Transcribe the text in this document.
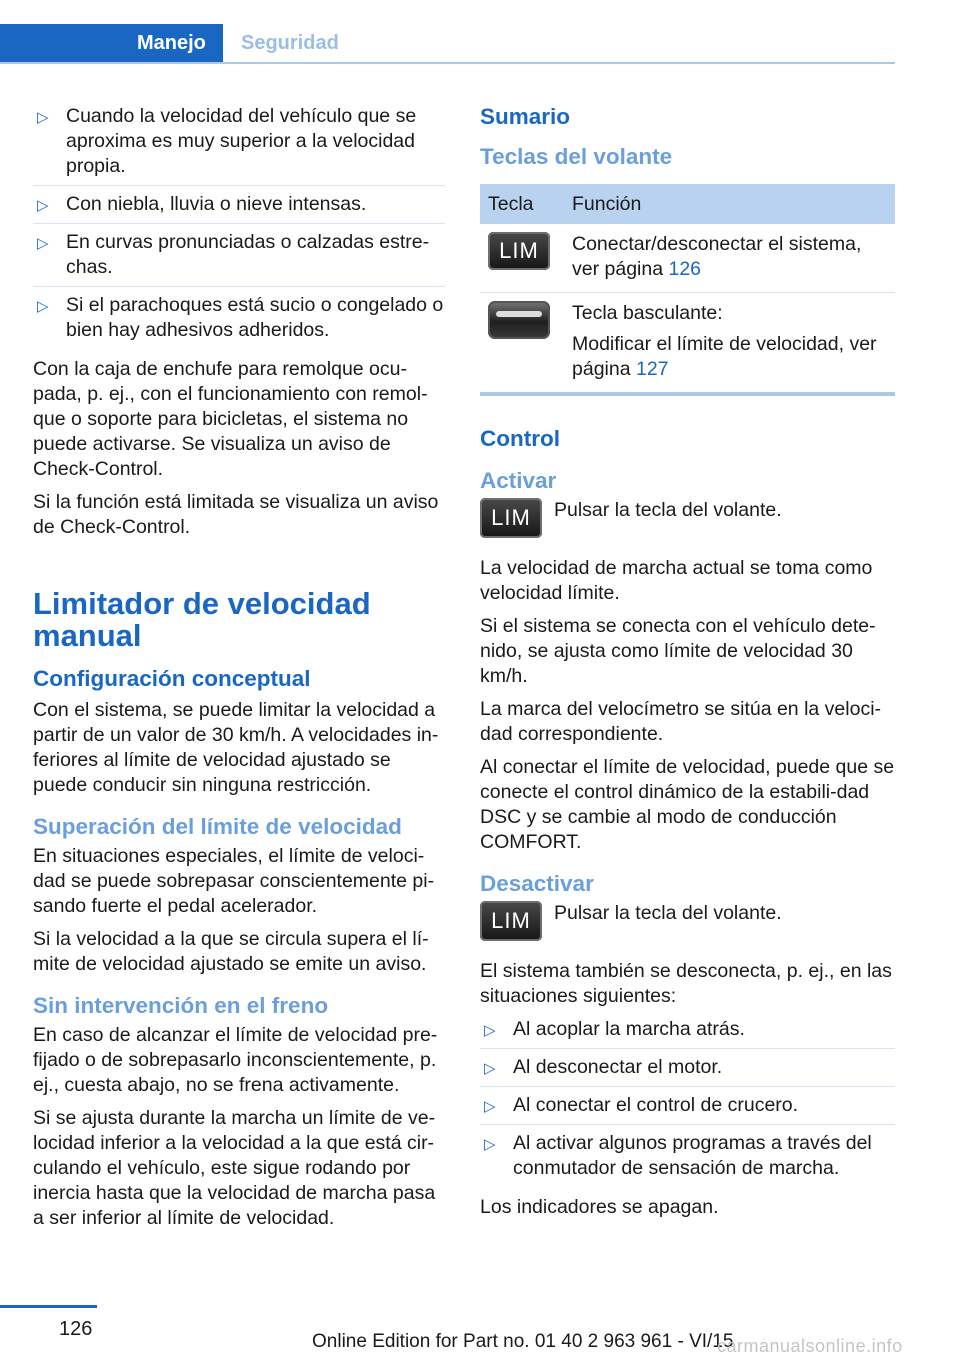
Manejo	Seguridad
▷ Cuando la velocidad del vehículo que se aproxima es muy superior a la velocidad propia.
▷ Con niebla, lluvia o nieve intensas.
▷ En curvas pronunciadas o calzadas estre‐chas.
▷ Si el parachoques está sucio o congelado o bien hay adhesivos adheridos.

Con la caja de enchufe para remolque ocu‐pada, p. ej., con el funcionamiento con remol‐que o soporte para bicicletas, el sistema no puede activarse. Se visualiza un aviso de Check-Control.

Si la función está limitada se visualiza un aviso de Check-Control.

Limitador de velocidad manual
Configuración conceptual

Con el sistema, se puede limitar la velocidad a partir de un valor de 30 km/h. A velocidades in‐feriores al límite de velocidad ajustado se puede conducir sin ninguna restricción.

Superación del límite de velocidad

En situaciones especiales, el límite de veloci‐dad se puede sobrepasar conscientemente pi‐sando fuerte el pedal acelerador.

Si la velocidad a la que se circula supera el lí‐mite de velocidad ajustado se emite un aviso.

Sin intervención en el freno

En caso de alcanzar el límite de velocidad pre‐fijado o de sobrepasarlo inconscientemente, p. ej., cuesta abajo, no se frena activamente.

Si se ajusta durante la marcha un límite de ve‐locidad inferior a la velocidad a la que está cir‐culando el vehículo, este sigue rodando por inercia hasta que la velocidad de marcha pasa a ser inferior al límite de velocidad.

Sumario
Teclas del volante
Tecla	Función
LIM	Conectar/desconectar el sistema, ver página 126

	Tecla basculante:

Modificar el límite de velocidad, ver página 127
Control
Activar
LIM	Pulsar la tecla del volante.

La velocidad de marcha actual se toma como velocidad límite.

Si el sistema se conecta con el vehículo dete‐nido, se ajusta como límite de velocidad 30 km/h.

La marca del velocímetro se sitúa en la veloci‐dad correspondiente.

Al conectar el límite de velocidad, puede que se conecte el control dinámico de la estabili‐dad DSC y se cambie al modo de conducción COMFORT.

Desactivar
LIM	Pulsar la tecla del volante.

El sistema también se desconecta, p. ej., en las situaciones siguientes:

▷ Al acoplar la marcha atrás.
▷ Al desconectar el motor.
▷ Al conectar el control de crucero.
▷ Al activar algunos programas a través del conmutador de sensación de marcha.

Los indicadores se apagan.

126
Online Edition for Part no. 01 40 2 963 961 - VI/15
carmanualsonline.info
